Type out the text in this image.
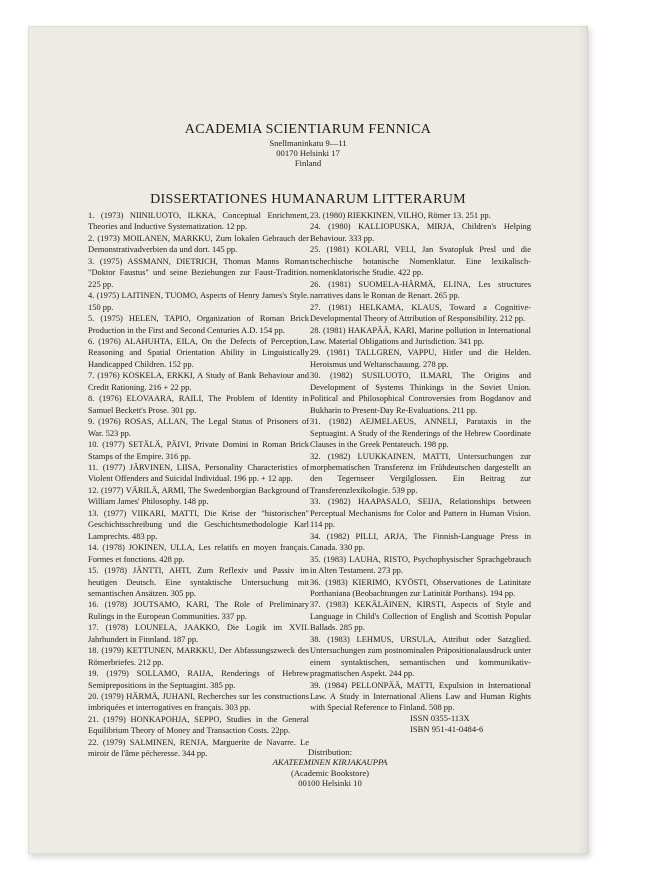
ACADEMIA SCIENTIARUM FENNICA
Snellmaninkatu 9—11
00170 Helsinki 17
Finland
DISSERTATIONES HUMANARUM LITTERARUM

1. (1973) NIINILUOTO, ILKKA, Conceptual Enrichment, Theories and Inductive Systematization. 12 pp.

2. (1973) MOILANEN, MARKKU, Zum lokalen Gebrauch der Demonstrativadverbien da und dort. 145 pp.

3. (1975) ASSMANN, DIETRICH, Thomas Manns Roman "Doktor Faustus" und seine Beziehungen zur Faust-Tradition. 225 pp.

4. (1975) LAITINEN, TUOMO, Aspects of Henry James's Style. 150 pp.

5. (1975) HELEN, TAPIO, Organization of Roman Brick Production in the First and Second Centuries A.D. 154 pp.

6. (1976) ALAHUHTA, EILA, On the Defects of Perception, Reasoning and Spatial Orientation Ability in Linguistically Handicapped Children. 152 pp.

7. (1976) KOSKELA, ERKKI, A Study of Bank Behaviour and Credit Rationing. 216 + 22 pp.

8. (1976) ELOVAARA, RAILI, The Problem of Identity in Samuel Beckett's Prose. 301 pp.

9. (1976) ROSAS, ALLAN, The Legal Status of Prisoners of War. 523 pp.

10. (1977) SETÄLÄ, PÄIVI, Private Domini in Roman Brick Stamps of the Empire. 316 pp.

11. (1977) JÄRVINEN, LIISA, Personality Characteristics of Violent Offenders and Suicidal Individual. 196 pp. + 12 app.

12. (1977) VÄRILÄ, ARMI, The Swedenborgian Background of William James' Philosophy. 148 pp.

13. (1977) VIIKARI, MATTI, Die Krise der "historischen" Geschichtsschreibung und die Geschichtsmethodologie Karl Lamprechts. 483 pp.

14. (1978) JOKINEN, ULLA, Les relatifs en moyen français. Formes et fonctions. 428 pp.

15. (1978) JÄNTTI, AHTI, Zum Reflexiv und Passiv im heutigen Deutsch. Eine syntaktische Untersuchung mit semantischen Ansätzen. 305 pp.

16. (1978) JOUTSAMO, KARI, The Role of Preliminary Rulings in the European Communities. 337 pp.

17. (1978) LOUNELA, JAAKKO, Die Logik im XVII. Jahrhundert in Finnland. 187 pp.

18. (1979) KETTUNEN, MARKKU, Der Abfassungszweck des Römerbriefes. 212 pp.

19. (1979) SOLLAMO, RAIJA, Renderings of Hebrew Semiprepositions in the Septuagint. 385 pp.

20. (1979) HÄRMÄ, JUHANI, Recherches sur les constructions imbriquées et interrogatives en français. 303 pp.

21. (1979) HONKAPOHJA, SEPPO, Studies in the General Equilibrium Theory of Money and Transaction Costs. 22pp.

22. (1979) SALMINEN, RENJA, Marguerite de Navarre. Le miroir de l'âme pécheresse. 344 pp.

23. (1980) RIEKKINEN, VILHO, Römer 13. 251 pp.

24. (1980) KALLIOPUSKA, MIRJA, Children's Helping Behaviour. 333 pp.

25. (1981) KOLARI, VELI, Jan Svatopluk Presl und die tschechische botanische Nomenklatur. Eine lexikalisch-nomenklatorische Studie. 422 pp.

26. (1981) SUOMELA-HÄRMÄ, ELINA, Les structures narratives dans le Roman de Renart. 265 pp.

27. (1981) HELKAMA, KLAUS, Toward a Cognitive-Developmental Theory of Attribution of Responsibility. 212 pp.

28. (1981) HAKAPÄÄ, KARI, Marine pollution in International Law. Material Obligations and Jurisdiction. 341 pp.

29. (1981) TALLGREN, VAPPU, Hitler und die Helden. Heroismus und Weltanschauung. 278 pp.

30. (1982) SUSILUOTO, ILMARI, The Origins and Development of Systems Thinkings in the Soviet Union. Political and Philosophical Controversies from Bogdanov and Bukharin to Present-Day Re-Evaluations. 211 pp.

31. (1982) AEJMELAEUS, ANNELI, Parataxis in the Septuagint. A Study of the Renderings of the Hebrew Coordinate Clauses in the Greek Pentateuch. 198 pp.

32. (1982) LUUKKAINEN, MATTI, Untersuchungen zur morphematischen Transferenz im Frühdeutschen dargestellt an den Tegernseer Vergilglossen. Ein Beitrag zur Transferenzlexikologie. 539 pp.

33. (1982) HAAPASALO, SEIJA, Relationships between Perceptual Mechanisms for Color and Pattern in Human Vision. 114 pp.

34. (1982) PILLI, ARJA, The Finnish-Language Press in Canada. 330 pp.

35. (1983) LAUHA, RISTO, Psychophysischer Sprachgebrauch in Alten Testament. 273 pp.

36. (1983) KIERIMO, KYÖSTI, Observationes de Latinitate Porthaniana (Beobachtungen zur Latinität Porthans). 194 pp.

37. (1983) KEKÄLÄINEN, KIRSTI, Aspects of Style and Language in Child's Collection of English and Scottish Popular Ballads. 285 pp.

38. (1983) LEHMUS, URSULA, Attribut oder Satzglied. Untersuchungen zum postnominalen Präpositionalausdruck unter einem syntaktischen, semantischen und kommunikativ-pragmatischen Aspekt. 244 pp.

39. (1984) PELLONPÄÄ, MATTI, Expulsion in International Law. A Study in International Aliens Law and Human Rights with Special Reference to Finland. 508 pp.

ISSN 0355-113X
ISBN 951-41-0484-6
Distribution:
AKATEEMINEN KIRJAKAUPPA
(Academic Bookstore)
00100 Helsinki 10
